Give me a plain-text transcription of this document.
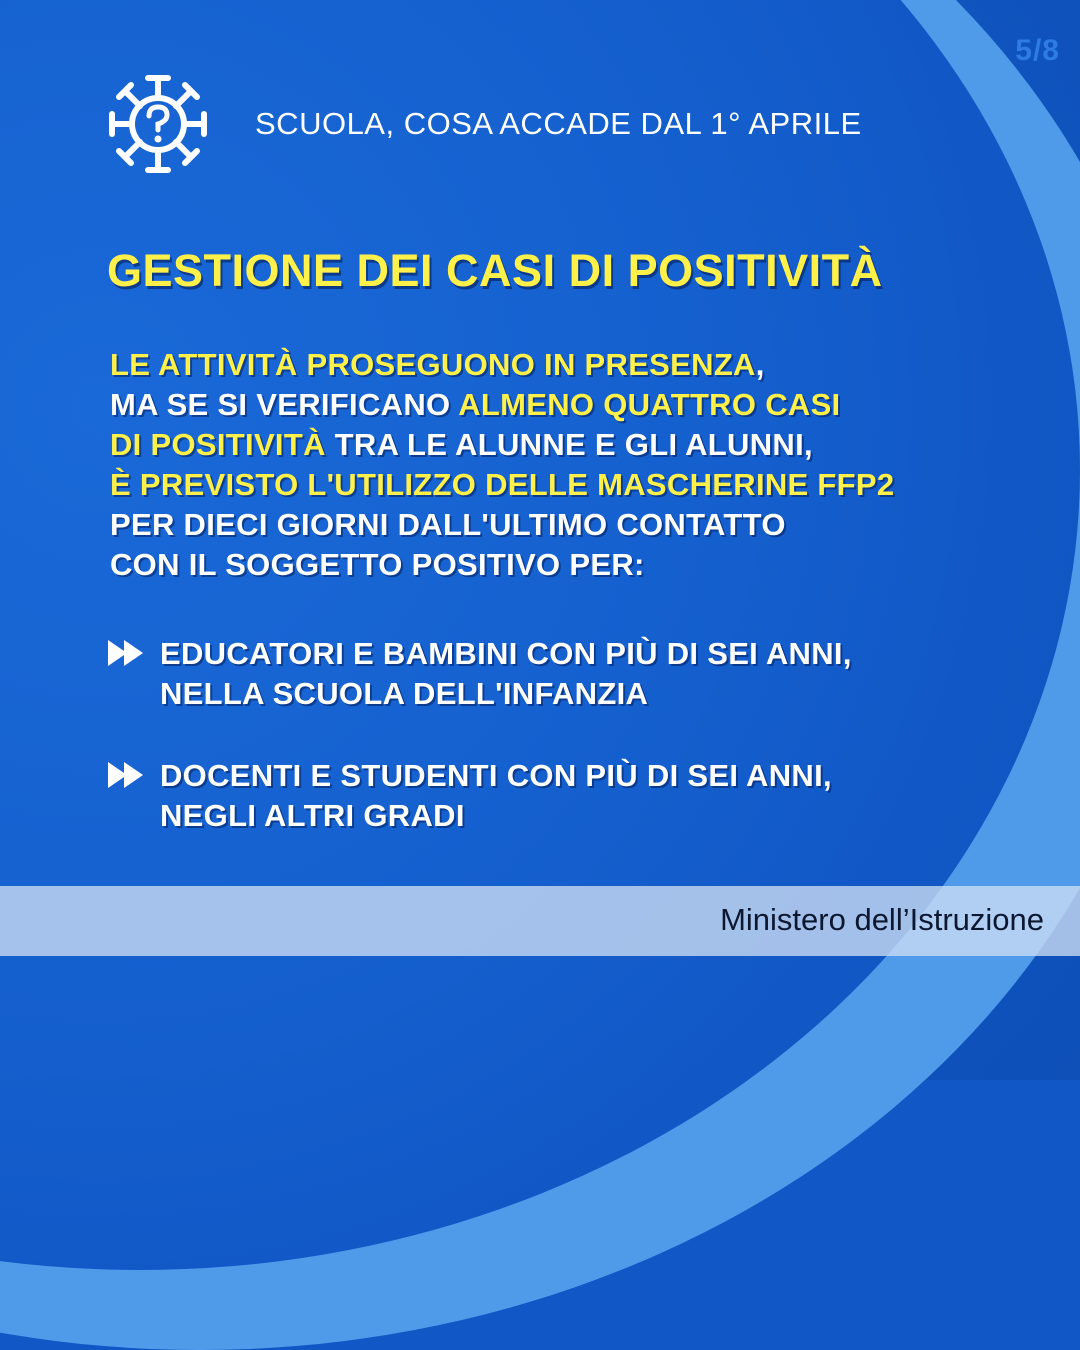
5/8
SCUOLA, COSA ACCADE DAL 1° APRILE
GESTIONE DEI CASI DI POSITIVITÀ
LE ATTIVITÀ PROSEGUONO IN PRESENZA,
MA SE SI VERIFICANO ALMENO QUATTRO CASI
DI POSITIVITÀ TRA LE ALUNNE E GLI ALUNNI,
È PREVISTO L'UTILIZZO DELLE MASCHERINE FFP2
PER DIECI GIORNI DALL'ULTIMO CONTATTO
CON IL SOGGETTO POSITIVO PER:
EDUCATORI E BAMBINI CON PIÙ DI SEI ANNI,
NELLA SCUOLA DELL'INFANZIA
DOCENTI E STUDENTI CON PIÙ DI SEI ANNI,
NEGLI ALTRI GRADI
Ministero dell’Istruzione
